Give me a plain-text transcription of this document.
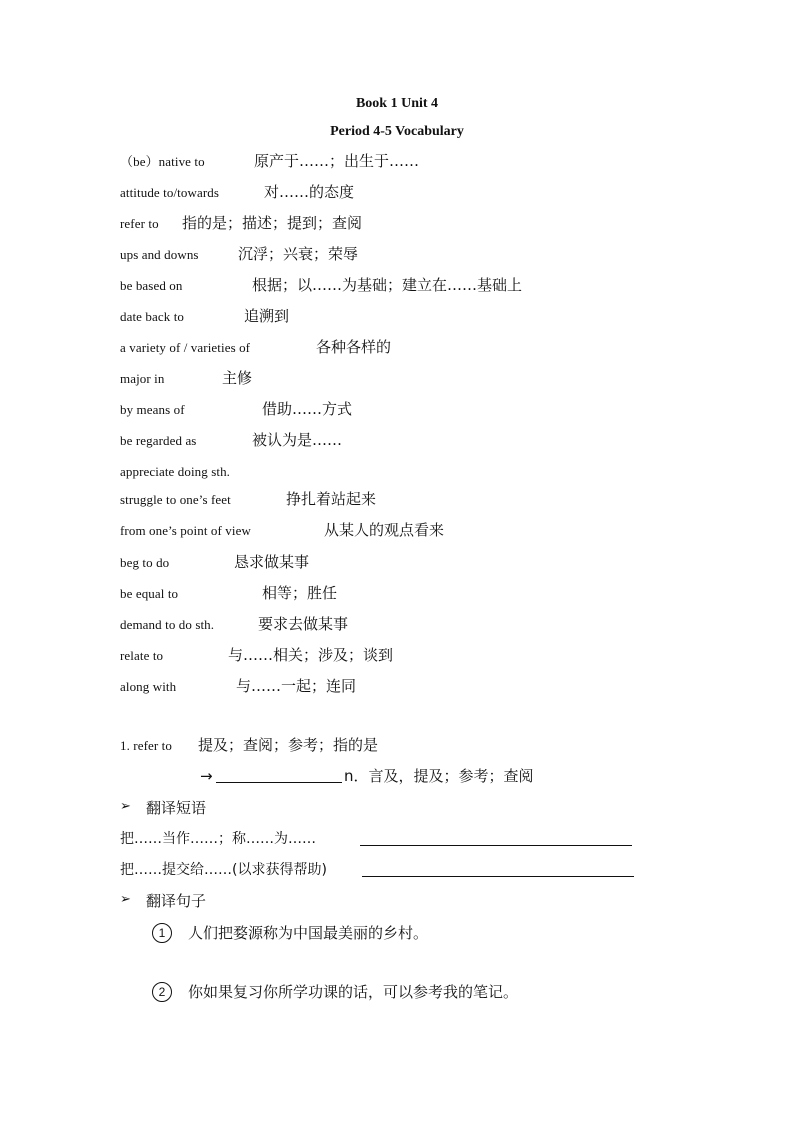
Book 1 Unit 4
Period 4-5 Vocabulary
（be）native to	原产于……；出生于……
attitude to/towards	对……的态度
refer to 指的是；描述；提到；查阅
ups and downs	沉浮；兴衰；荣辱
be based on	根据；以……为基础；建立在……基础上
date back to	追溯到
a variety of / varieties of	各种各样的
major in	主修
by means of	借助……方式
be regarded as	被认为是……
appreciate doing sth.
struggle to one’s feet	挣扎着站起来
from one’s point of view	从某人的观点看来
beg to do	恳求做某事
be equal to	相等；胜任
demand to do sth.	要求去做某事
relate to	与……相关；涉及；谈到
along with	与……一起；连同
1. refer to 提及；查阅；参考；指的是
→	n．言及，提及；参考；查阅
➢ 翻译短语
把……当作……；称……为……
把……提交给……(以求获得帮助)
➢ 翻译句子
1	人们把婺源称为中国最美丽的乡村。
2	你如果复习你所学功课的话，可以参考我的笔记。
